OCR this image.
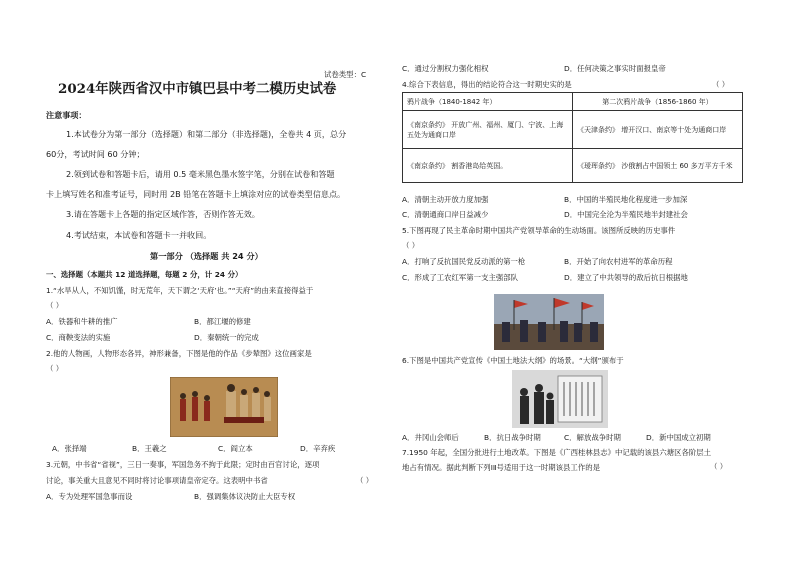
试卷类型：C
2024年陕西省汉中市镇巴县中考二模历史试卷
注意事项：
1.本试卷分为第一部分（选择题）和第二部分（非选择题)，全卷共 4 页，总分
60分，考试时间 60 分钟；
2.领到试卷和答题卡后，请用 0.5 毫米黑色墨水签字笔，分别在试卷和答题
卡上填写姓名和准考证号，同时用 2B 铅笔在答题卡上填涂对应的试卷类型信息点。
3.请在答题卡上各题的指定区域作答，否则作答无效。
4.考试结束，本试卷和答题卡一并收回。
第一部分 （选择题 共 24 分）
一、选择题（本题共 12 道选择题，每题 2 分，计 24 分）
1.“水旱从人，不知饥馑，时无荒年，天下谓之‘天府’也。”“天府”的由来直接得益于
（ ）
A．铁器和牛耕的推广	B．都江堰的修建
C．商鞅变法的实施	D．秦朝统一的完成
2.他的人物画，人物形态各异，神形兼备，下图是他的作品《步辇图》这位画家是
（ ）
A．张择端	B．王羲之	C．阎立本	D．辛弃疾
3.元朝，中书省“省视”，三日一奏事，军国急务不拘于此限；定时由百官讨论，逐项
讨论，事关重大且意见不同时将讨论事项请皇帝定夺。这表明中书省	（ ）
A．专为处理军国急事而设	B．强调集体议决防止大臣专权
C．通过分割权力强化相权	D．任何决策之事实时面报皇帝
4.综合下表信息，得出的结论符合这一时期史实的是	（ ）
鸦片战争（1840-1842 年）	第二次鸦片战争（1856-1860 年）
《南京条约》 开放广州、福州、厦门、宁波、上海五处为通商口岸	《天津条约》 增开汉口、南京等十处为通商口岸
《南京条约》 割香港岛给英国。	《瑷珲条约》 沙俄割占中国领土 60 多万平方千米
A．清朝主动开放力度加强	B．中国的半殖民地化程度进一步加深
C．清朝通商口岸日益减少	D．中国完全沦为半殖民地半封建社会
5.下图再现了民主革命时期中国共产党领导革命的生动场面。该图所反映的历史事件
（ ）
A．打响了反抗国民党反动派的第一枪	B．开始了向农村进军的革命历程
C．形成了工农红军第一支主强部队	D．建立了中共领导的敌后抗日根据地
6.下图是中国共产党宣传《中国土地法大纲》的场景。“大纲”颁布于
A．井冈山会师后	B．抗日战争时期	C．解放战争时期	D．新中国成立初期
7.1950 年起，全国分批进行土地改革。下图是《广西桂林县志》中记载的该县六塘区各阶层土
（ ）
地占有情况。据此判断下列ⅠⅡ号适用于这一时期该县工作的是
